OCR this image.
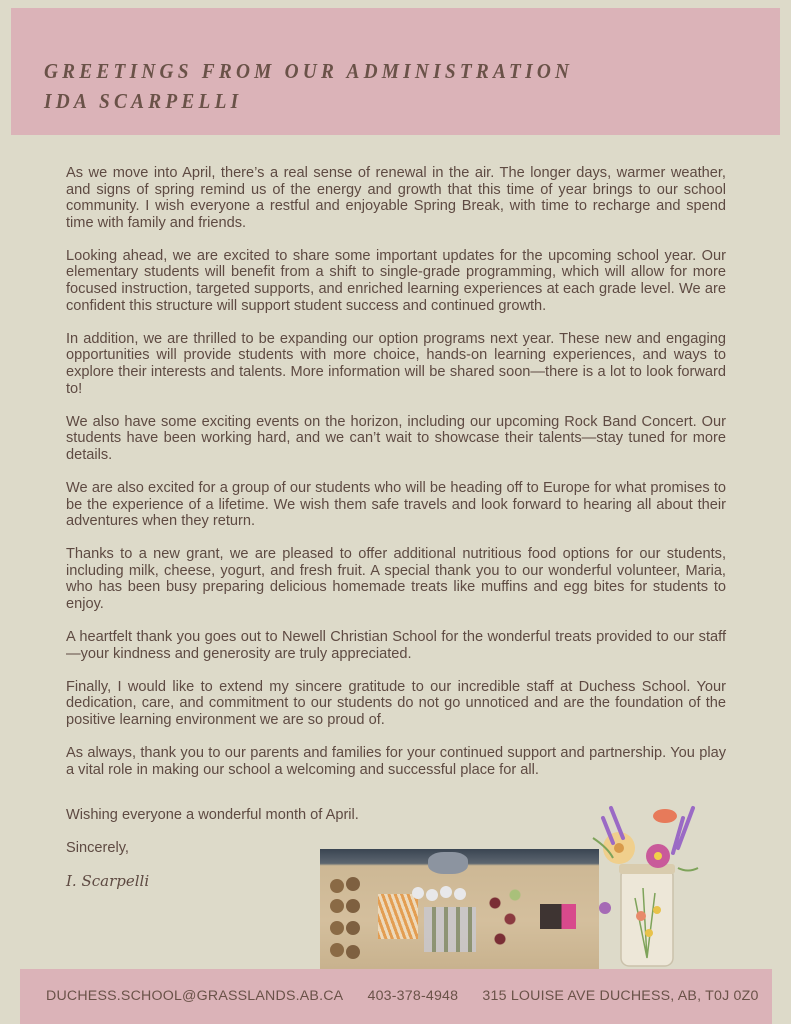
GREETINGS FROM OUR ADMINISTRATION
IDA SCARPELLI

As we move into April, there’s a real sense of renewal in the air. The longer days, warmer weather, and signs of spring remind us of the energy and growth that this time of year brings to our school community. I wish everyone a restful and enjoyable Spring Break, with time to recharge and spend time with family and friends.

Looking ahead, we are excited to share some important updates for the upcoming school year. Our elementary students will benefit from a shift to single-grade programming, which will allow for more focused instruction, targeted supports, and enriched learning experiences at each grade level. We are confident this structure will support student success and continued growth.

In addition, we are thrilled to be expanding our option programs next year. These new and engaging opportunities will provide students with more choice, hands-on learning experiences, and ways to explore their interests and talents. More information will be shared soon—there is a lot to look forward to!

We also have some exciting events on the horizon, including our upcoming Rock Band Concert. Our students have been working hard, and we can’t wait to showcase their talents—stay tuned for more details.

We are also excited for a group of our students who will be heading off to Europe for what promises to be the experience of a lifetime. We wish them safe travels and look forward to hearing all about their adventures when they return.

Thanks to a new grant, we are pleased to offer additional nutritious food options for our students, including milk, cheese, yogurt, and fresh fruit. A special thank you to our wonderful volunteer, Maria, who has been busy preparing delicious homemade treats like muffins and egg bites for students to enjoy.

A heartfelt thank you goes out to Newell Christian School for the wonderful treats provided to our staff—your kindness and generosity are truly appreciated.

Finally, I would like to extend my sincere gratitude to our incredible staff at Duchess School. Your dedication, care, and commitment to our students do not go unnoticed and are the foundation of the positive learning environment we are so proud of.

As always, thank you to our parents and families for your continued support and partnership. You play a vital role in making our school a welcoming and successful place for all.

Wishing everyone a wonderful month of April.
Sincerely,
I. Scarpelli
DUCHESS.SCHOOL@GRASSLANDS.AB.CA 403-378-4948 315 LOUISE AVE DUCHESS, AB, T0J 0Z0
